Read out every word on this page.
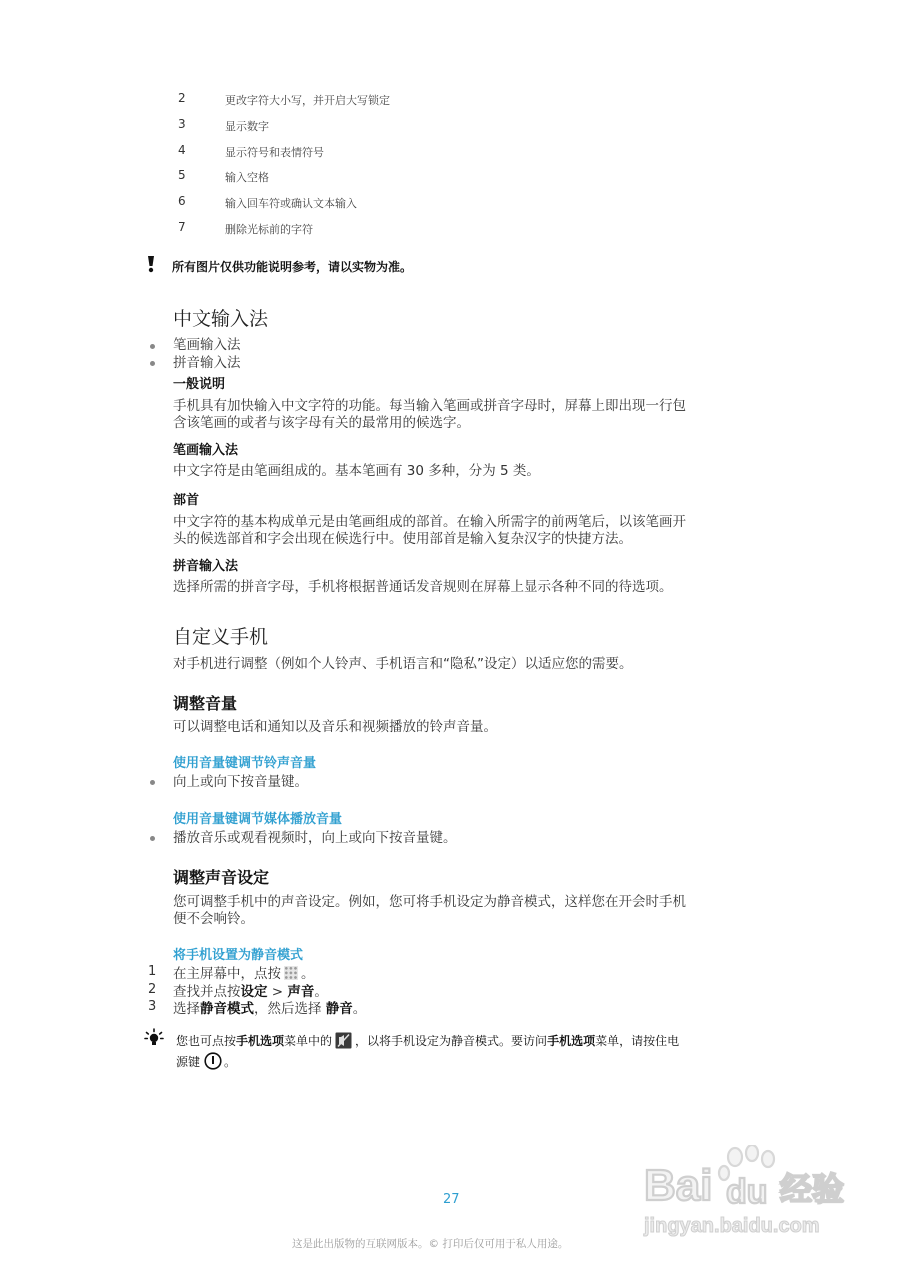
2	更改字符大小写，并开启大写锁定
3	显示数字
4	显示符号和表情符号
5	输入空格
6	输入回车符或确认文本输入
7	删除光标前的字符
所有图片仅供功能说明参考，请以实物为准。
中文输入法
笔画输入法
拼音输入法
一般说明
手机具有加快输入中文字符的功能。每当输入笔画或拼音字母时，屏幕上即出现一行包
含该笔画的或者与该字母有关的最常用的候选字。
笔画输入法
中文字符是由笔画组成的。基本笔画有 30 多种，分为 5 类。
部首
中文字符的基本构成单元是由笔画组成的部首。在输入所需字的前两笔后，以该笔画开
头的候选部首和字会出现在候选行中。使用部首是输入复杂汉字的快捷方法。
拼音输入法
选择所需的拼音字母，手机将根据普通话发音规则在屏幕上显示各种不同的待选项。
自定义手机
对手机进行调整（例如个人铃声、手机语言和“隐私”设定）以适应您的需要。
调整音量
可以调整电话和通知以及音乐和视频播放的铃声音量。
使用音量键调节铃声音量
向上或向下按音量键。
使用音量键调节媒体播放音量
播放音乐或观看视频时，向上或向下按音量键。
调整声音设定
您可调整手机中的声音设定。例如，您可将手机设定为静音模式，这样您在开会时手机
便不会响铃。
将手机设置为静音模式
1 在主屏幕中，点按 。
2 查找并点按设定 > 声音。
3 选择静音模式，然后选择 静音。
您也可点按手机选项菜单中的 ，以将手机设定为静音模式。要访问手机选项菜单，请按住电
源键 。
27
这是此出版物的互联网版本。© 打印后仅可用于私人用途。
Bai du 经验
jingyan.baidu.com
